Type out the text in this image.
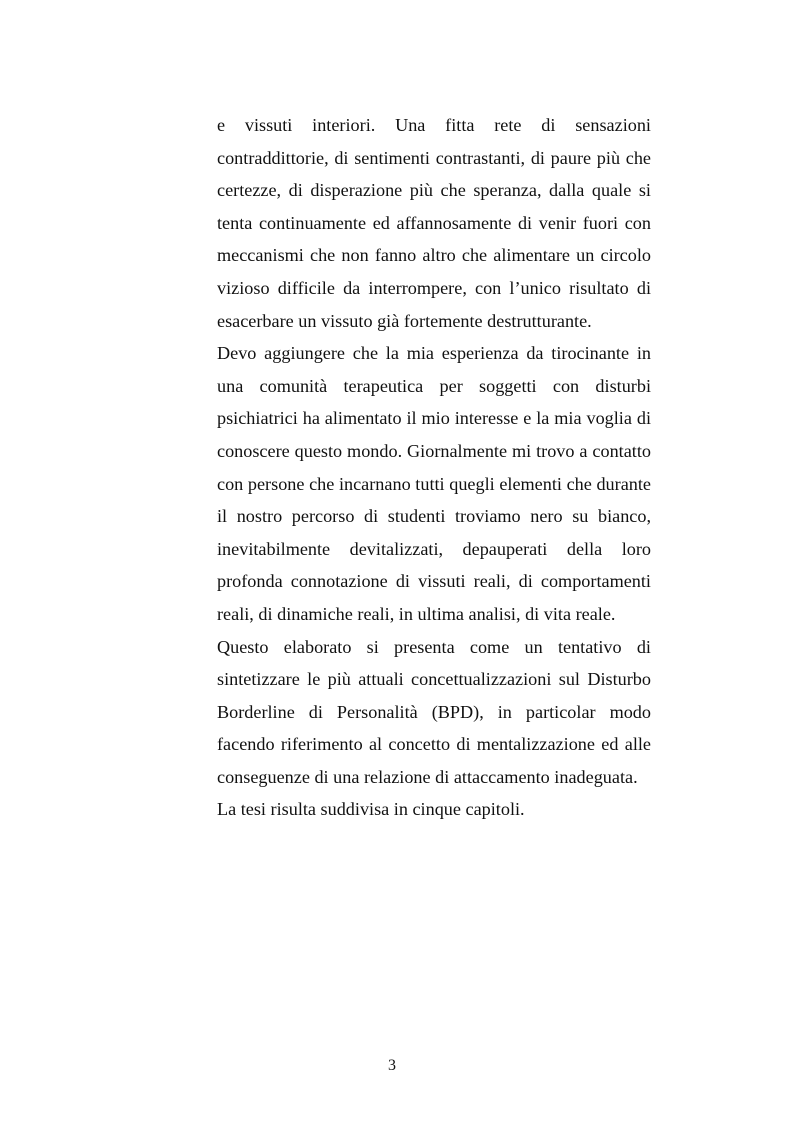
e vissuti interiori. Una fitta rete di sensazioni contraddittorie, di sentimenti contrastanti, di paure più che certezze, di disperazione più che speranza, dalla quale si tenta continuamente ed affannosamente di venir fuori con meccanismi che non fanno altro che alimentare un circolo vizioso difficile da interrompere, con l’unico risultato di esacerbare un vissuto già fortemente destrutturante.

Devo aggiungere che la mia esperienza da tirocinante in una comunità terapeutica per soggetti con disturbi psichiatrici ha alimentato il mio interesse e la mia voglia di conoscere questo mondo. Giornalmente mi trovo a contatto con persone che incarnano tutti quegli elementi che durante il nostro percorso di studenti troviamo nero su bianco, inevitabilmente devitalizzati, depauperati della loro profonda connotazione di vissuti reali, di comportamenti reali, di dinamiche reali, in ultima analisi, di vita reale.

Questo elaborato si presenta come un tentativo di sintetizzare le più attuali concettualizzazioni sul Disturbo Borderline di Personalità (BPD), in particolar modo facendo riferimento al concetto di mentalizzazione ed alle conseguenze di una relazione di attaccamento inadeguata.

La tesi risulta suddivisa in cinque capitoli.

3
